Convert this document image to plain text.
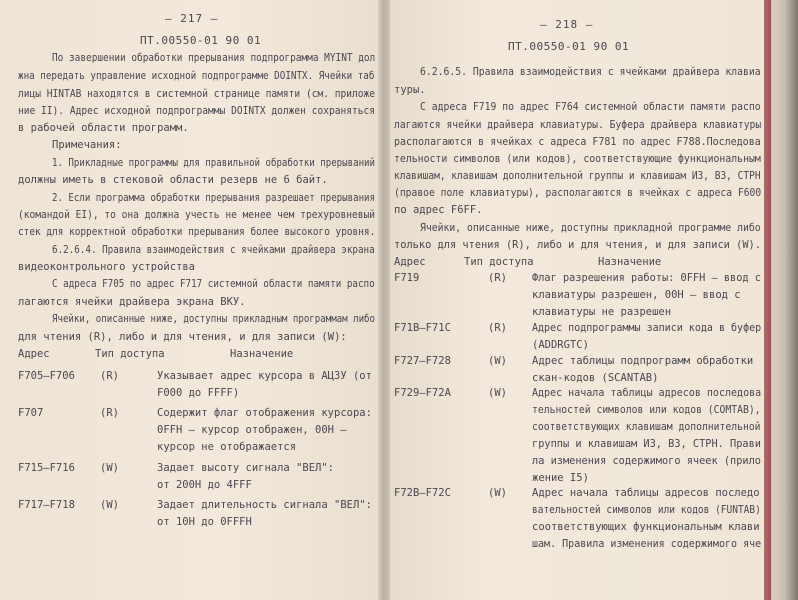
– 217 –
ПТ.00550-01 90 01
По завершении обработки прерывания подпрограмма MYINT дол
жна передать управление исходной подпрограмме DOINTX. Ячейки таб
лицы HINTAB находятся в системной странице памяти (см. приложе
ние II). Адрес исходной подпрограммы DOINTX должен сохраняться
в рабочей области программ.
Примечания:
1. Прикладные программы для правильной обработки прерываний
должны иметь в стековой области резерв не 6 байт.
2. Если программа обработки прерывания разрешает прерывания
(командой EI), то она должна учесть не менее чем трехуровневый
стек для корректной обработки прерывания более высокого уровня.
6.2.6.4. Правила взаимодействия с ячейками драйвера экрана
видеоконтрольного устройства
С адреса F705 по адрес F717 системной области памяти распо
лагаются ячейки драйвера экрана ВКУ.
Ячейки, описанные ниже, доступны прикладным программам либо
для чтения (R), либо и для чтения, и для записи (W):
Адрес	Тип доступа	Назначение
F705–F706 (R)	Указывает адрес курсора в АЦЗУ (от
F000 до FFFF)
F707	(R)	Содержит флаг отображения курсора:
0FFH – курсор отображен, 00H –
курсор не отображается
F715–F716 (W)	Задает высоту сигнала "ВЕЛ":
от 200H до 4FFF
F717–F718 (W)	Задает длительность сигнала "ВЕЛ":
от 10H до 0FFFH
– 218 –
ПТ.00550-01 90 01
6.2.6.5. Правила взаимодействия с ячейками драйвера клавиа
туры.
С адреса F719 по адрес F764 системной области памяти распо
лагаются ячейки драйвера клавиатуры. Буфера драйвера клавиатуры
располагаются в ячейках с адреса F781 по адрес F788.Последова
тельности символов (или кодов), соответствующие функциональным
клавишам, клавишам дополнительной группы и клавишам ИЗ, ВЗ, СТРН
(правое поле клавиатуры), располагаются в ячейках с адреса F600
по адрес F6FF.
Ячейки, описанные ниже, доступны прикладной программе либо
только для чтения (R), либо и для чтения, и для записи (W).
Адрес	Тип доступа	Назначение
F719	(R) Флаг разрешения работы: 0FFH – ввод с
клавиатуры разрешен, 00H – ввод с
клавиатуры не разрешен
F71B–F71C	(R) Адрес подпрограммы записи кода в буфер
(ADDRGTC)
F727–F728	(W) Адрес таблицы подпрограмм обработки
скан-кодов (SCANTAB)
F729–F72A	(W) Адрес начала таблицы адресов последова
тельностей символов или кодов (COMTAB),
соответствующих клавишам дополнительной
группы и клавишам ИЗ, ВЗ, СТРН. Прави
ла изменения содержимого ячеек (прило
жение I5)
F72B–F72C	(W) Адрес начала таблицы адресов последо
вательностей символов или кодов (FUNTAB)
соответствующих функциональным клави
шам. Правила изменения содержимого яче
